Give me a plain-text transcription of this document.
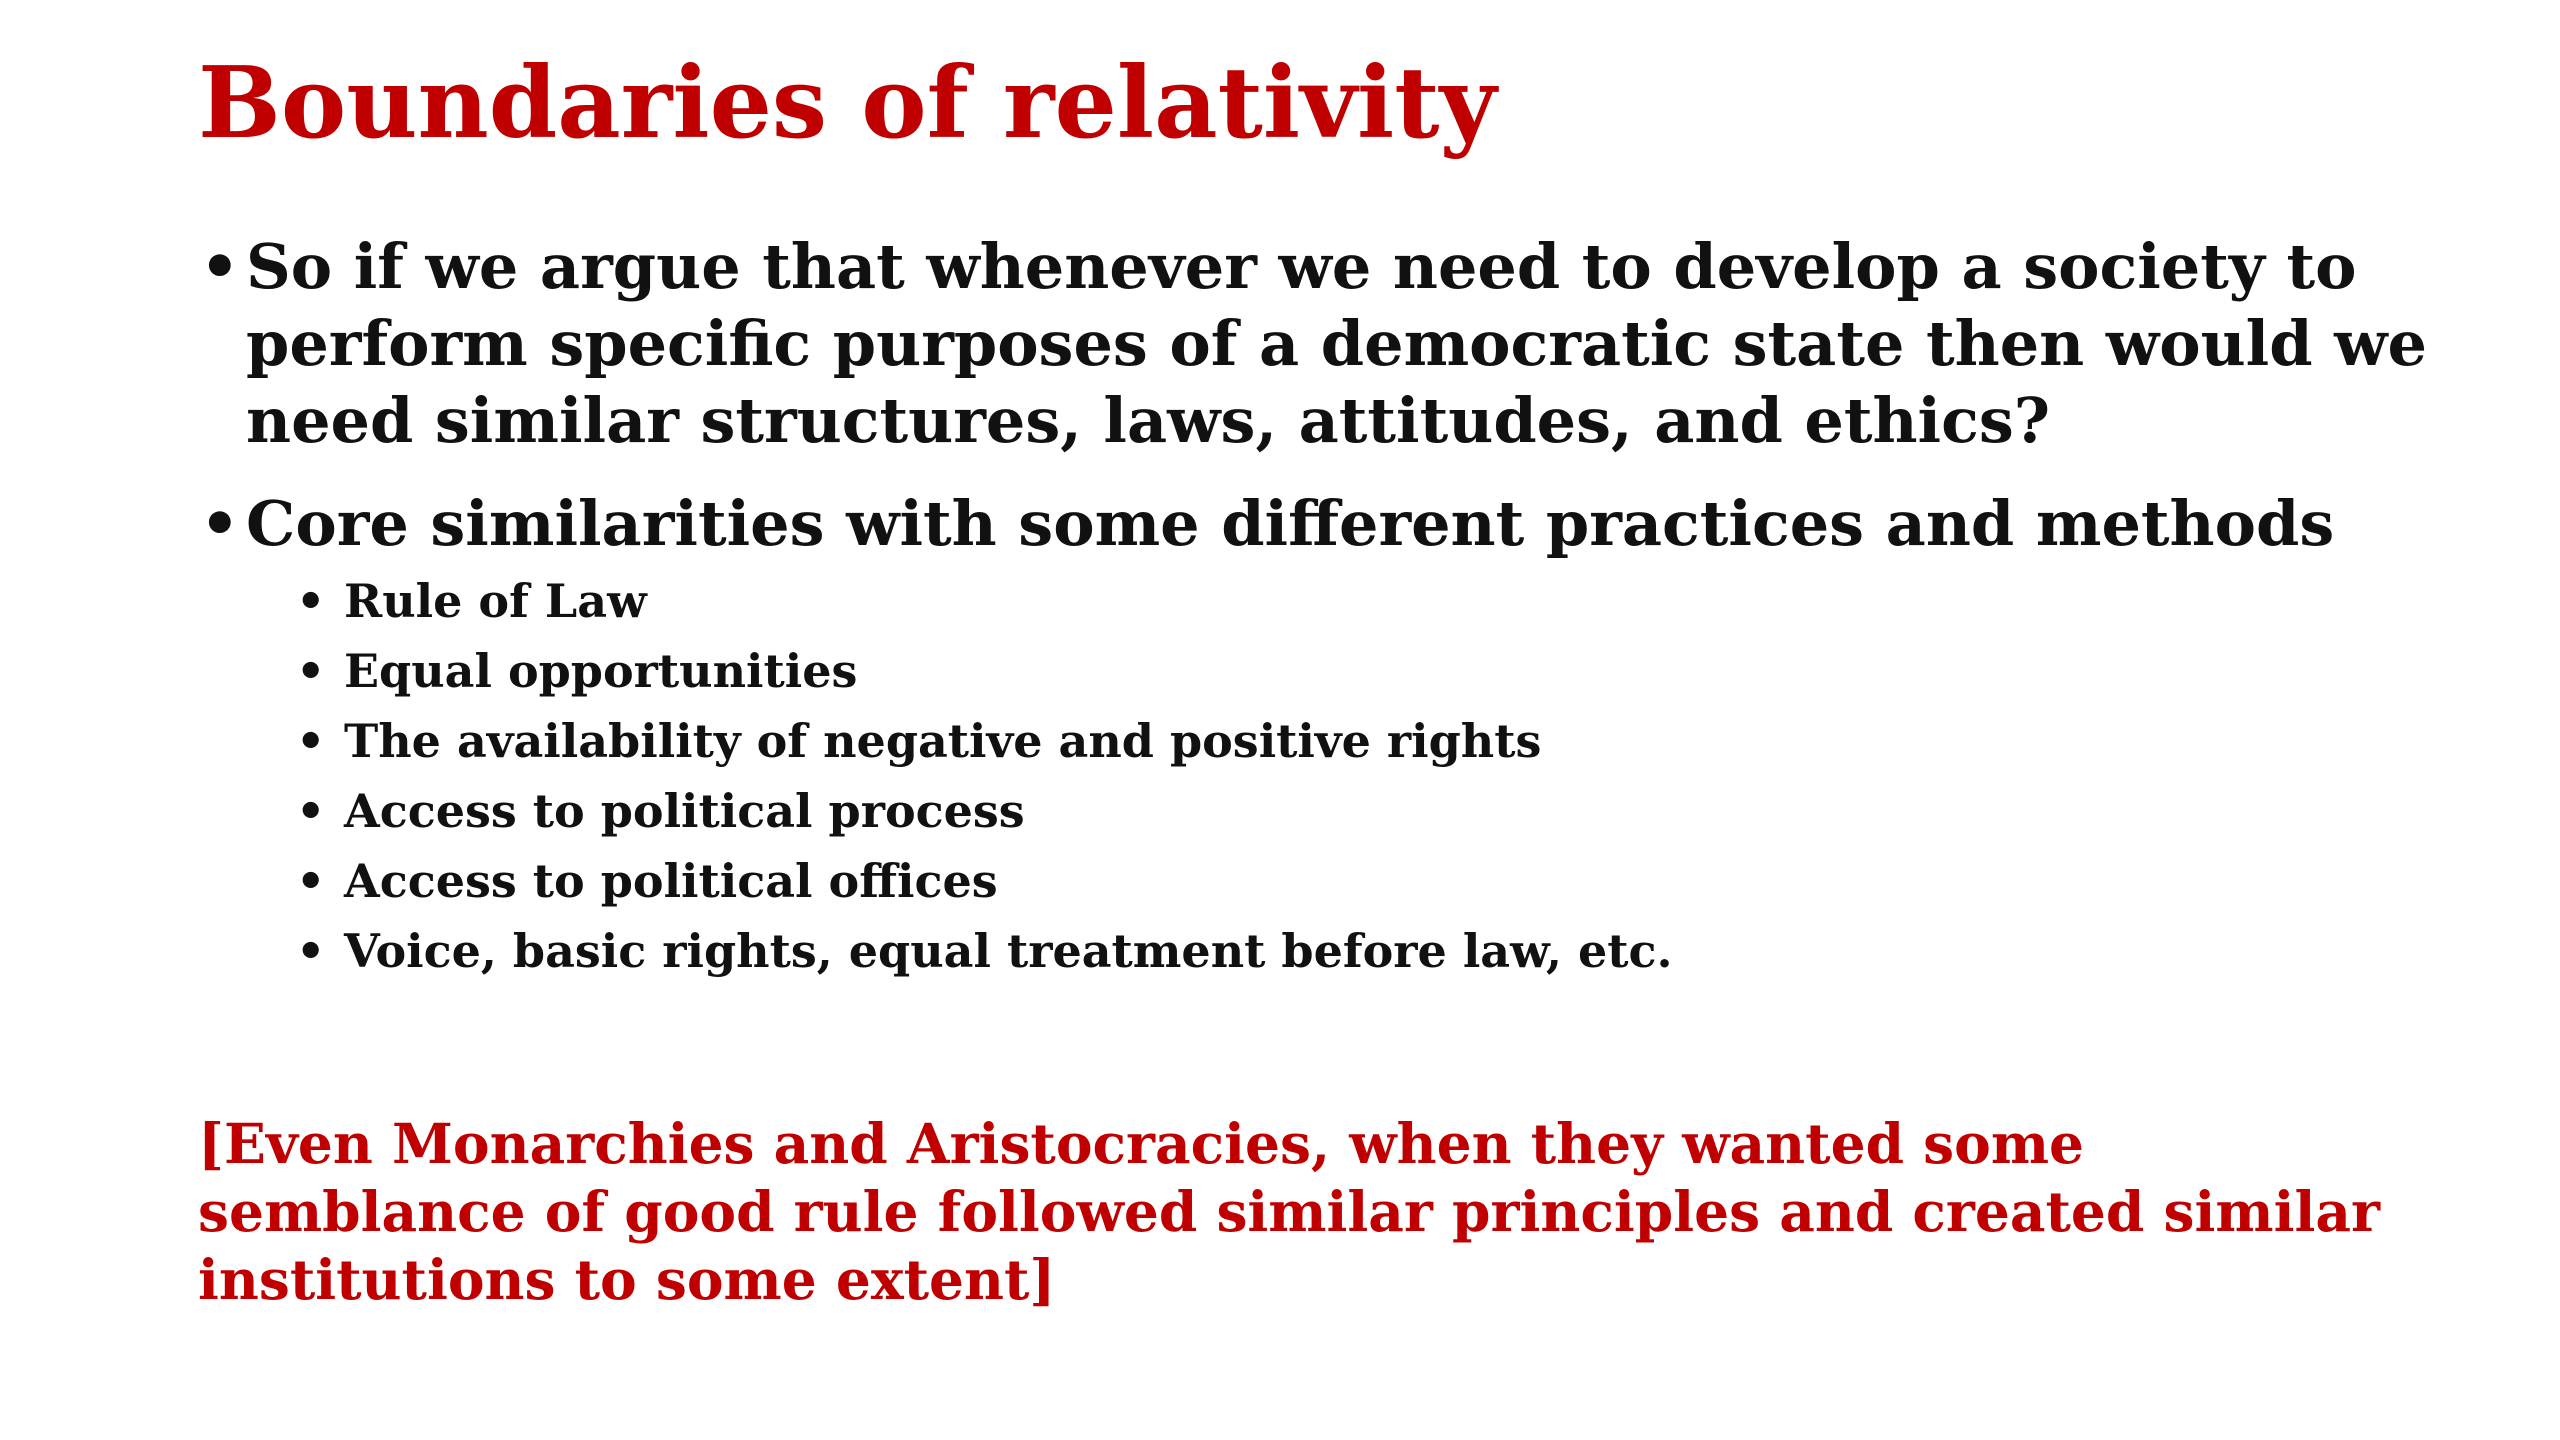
Boundaries of relativity
• So if we argue that whenever we need to develop a society to perform specific purposes of a democratic state then would we need similar structures, laws, attitudes, and ethics?
• Core similarities with some different practices and methods
• Rule of Law
• Equal opportunities
• The availability of negative and positive rights
• Access to political process
• Access to political offices
• Voice, basic rights, equal treatment before law, etc.

[Even Monarchies and Aristocracies, when they wanted some semblance of good rule followed similar principles and created similar institutions to some extent]
